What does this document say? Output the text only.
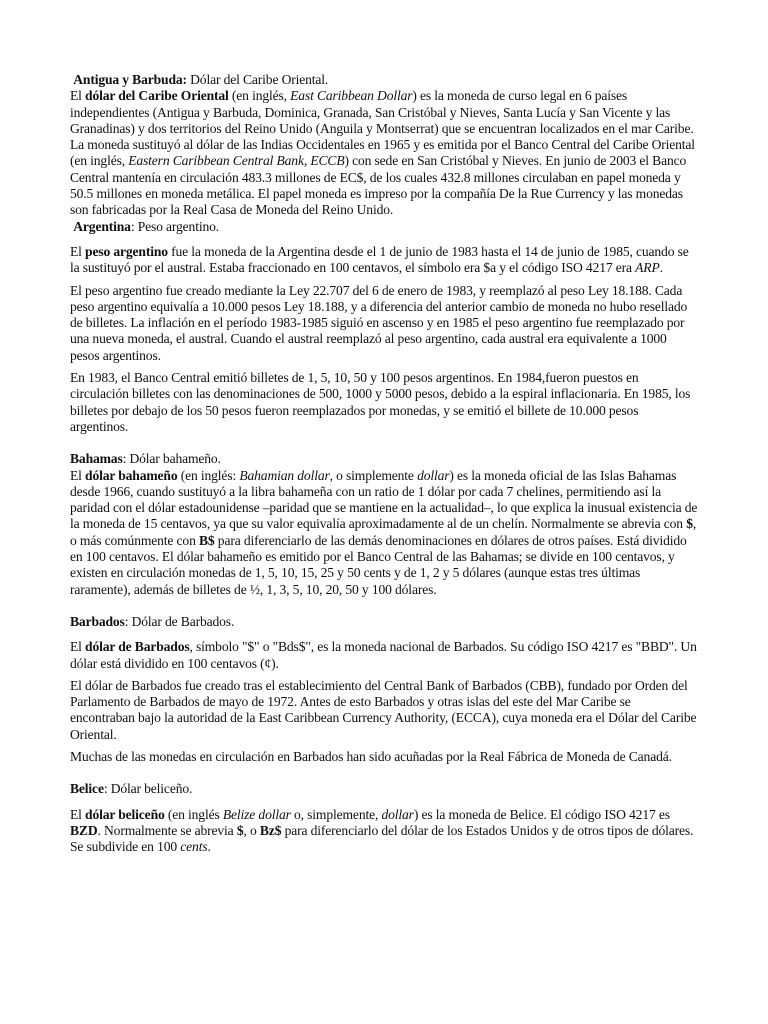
Antigua y Barbuda: Dólar del Caribe Oriental.

El dólar del Caribe Oriental (en inglés, East Caribbean Dollar) es la moneda de curso legal en 6 países independientes (Antigua y Barbuda, Dominica, Granada, San Cristóbal y Nieves, Santa Lucía y San Vicente y las Granadinas) y dos territorios del Reino Unido (Anguila y Montserrat) que se encuentran localizados en el mar Caribe. La moneda sustituyó al dólar de las Indias Occidentales en 1965 y es emitida por el Banco Central del Caribe Oriental (en inglés, Eastern Caribbean Central Bank, ECCB) con sede en San Cristóbal y Nieves. En junio de 2003 el Banco Central mantenía en circulación 483.3 millones de EC$, de los cuales 432.8 millones circulaban en papel moneda y 50.5 millones en moneda metálica. El papel moneda es impreso por la compañía De la Rue Currency y las monedas son fabricadas por la Real Casa de Moneda del Reino Unido.

Argentina: Peso argentino.

El peso argentino fue la moneda de la Argentina desde el 1 de junio de 1983 hasta el 14 de junio de 1985, cuando se la sustituyó por el austral. Estaba fraccionado en 100 centavos, el símbolo era $a y el código ISO 4217 era ARP.

El peso argentino fue creado mediante la Ley 22.707 del 6 de enero de 1983, y reemplazó al peso Ley 18.188. Cada peso argentino equivalía a 10.000 pesos Ley 18.188, y a diferencia del anterior cambio de moneda no hubo resellado de billetes. La inflación en el período 1983-1985 siguió en ascenso y en 1985 el peso argentino fue reemplazado por una nueva moneda, el austral. Cuando el austral reemplazó al peso argentino, cada austral era equivalente a 1000 pesos argentinos.

En 1983, el Banco Central emitió billetes de 1, 5, 10, 50 y 100 pesos argentinos. En 1984,fueron puestos en circulación billetes con las denominaciones de 500, 1000 y 5000 pesos, debido a la espiral inflacionaria. En 1985, los billetes por debajo de los 50 pesos fueron reemplazados por monedas, y se emitió el billete de 10.000 pesos argentinos.

Bahamas: Dólar bahameño.

El dólar bahameño (en inglés: Bahamian dollar, o simplemente dollar) es la moneda oficial de las Islas Bahamas desde 1966, cuando sustituyó a la libra bahameña con un ratio de 1 dólar por cada 7 chelines, permitiendo así la paridad con el dólar estadounidense –paridad que se mantiene en la actualidad–, lo que explica la inusual existencia de la moneda de 15 centavos, ya que su valor equivalía aproximadamente al de un chelín. Normalmente se abrevia con $, o más comúnmente con B$ para diferenciarlo de las demás denominaciones en dólares de otros países. Está dividido en 100 centavos. El dólar bahameño es emitido por el Banco Central de las Bahamas; se divide en 100 centavos, y existen en circulación monedas de 1, 5, 10, 15, 25 y 50 cents y de 1, 2 y 5 dólares (aunque estas tres últimas raramente), además de billetes de ½, 1, 3, 5, 10, 20, 50 y 100 dólares.

Barbados: Dólar de Barbados.

El dólar de Barbados, símbolo "$" o "Bds$", es la moneda nacional de Barbados. Su código ISO 4217 es "BBD". Un dólar está dividido en 100 centavos (¢).

El dólar de Barbados fue creado tras el establecimiento del Central Bank of Barbados (CBB), fundado por Orden del Parlamento de Barbados de mayo de 1972. Antes de esto Barbados y otras islas del este del Mar Caribe se encontraban bajo la autoridad de la East Caribbean Currency Authority, (ECCA), cuya moneda era el Dólar del Caribe Oriental.

Muchas de las monedas en circulación en Barbados han sido acuñadas por la Real Fábrica de Moneda de Canadá.

Belice: Dólar beliceño.

El dólar beliceño (en inglés Belize dollar o, simplemente, dollar) es la moneda de Belice. El código ISO 4217 es BZD. Normalmente se abrevia $, o Bz$ para diferenciarlo del dólar de los Estados Unidos y de otros tipos de dólares. Se subdivide en 100 cents.
